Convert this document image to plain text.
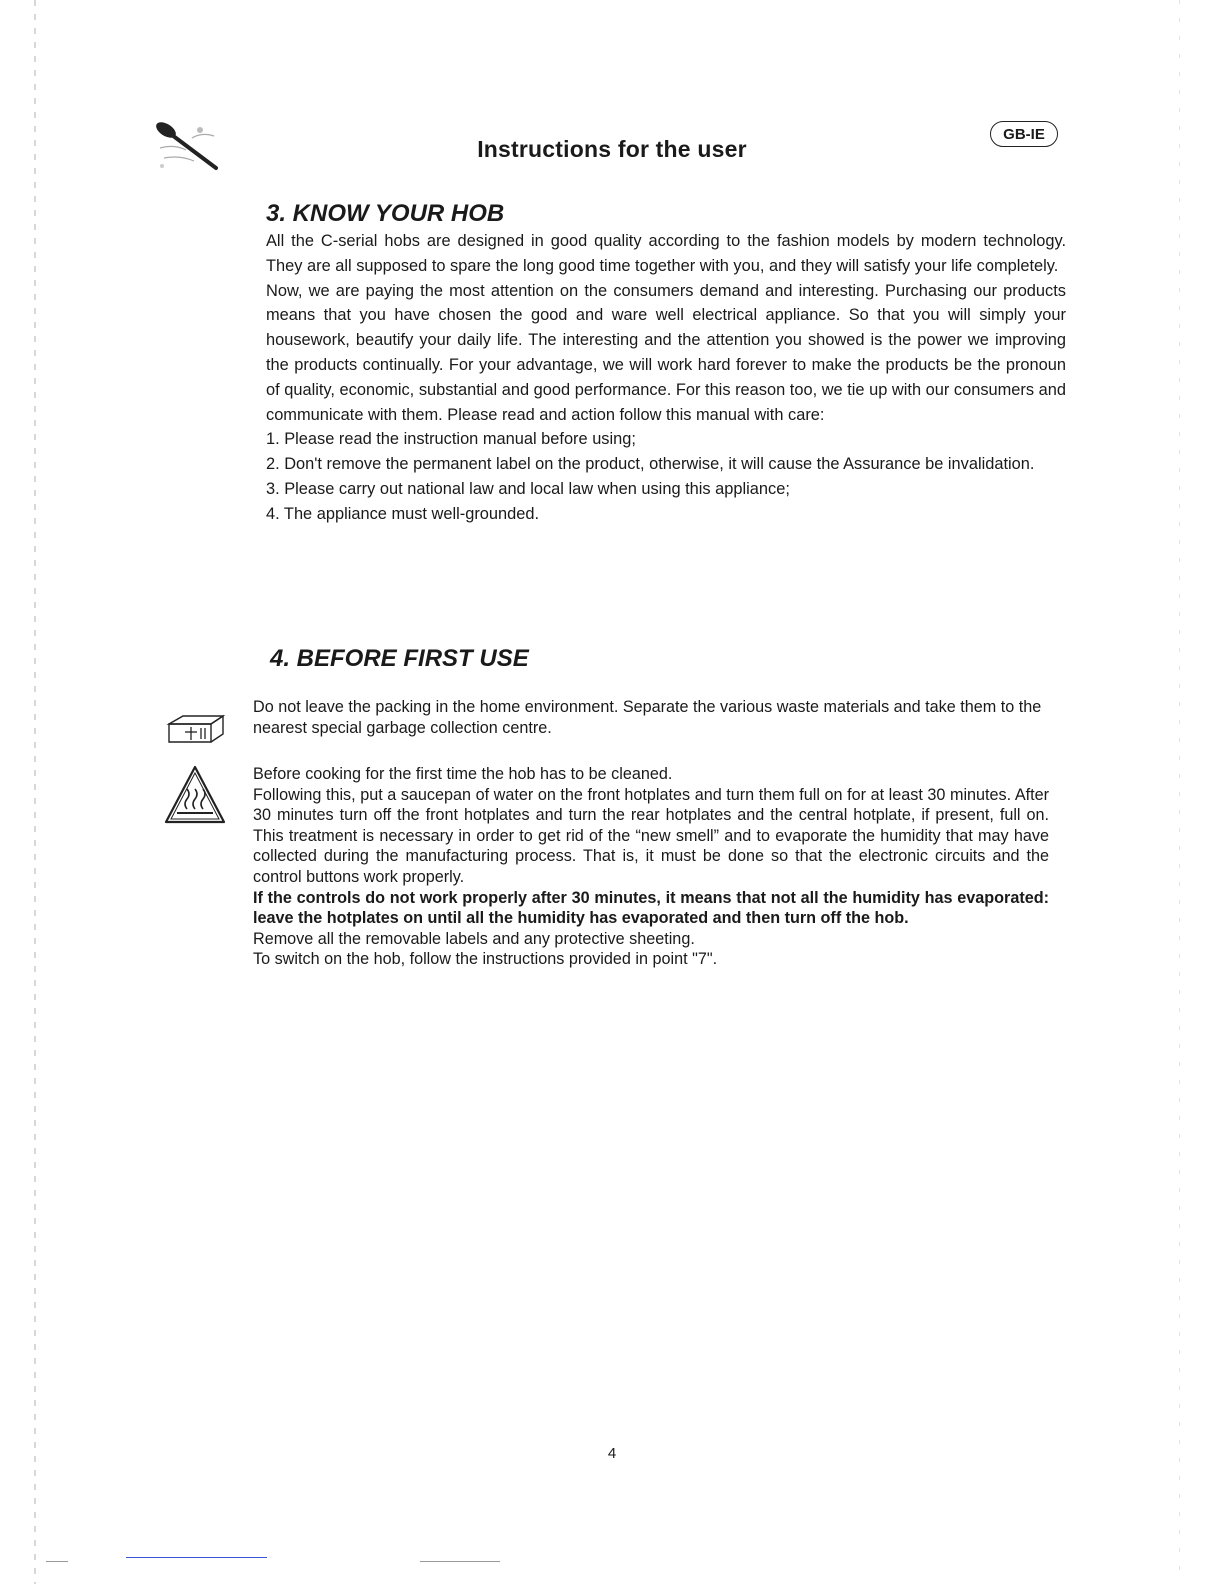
Instructions for the user
GB-IE
3. KNOW YOUR HOB

All the C-serial hobs are designed in good quality according to the fashion models by modern technology. They are all supposed to spare the long good time together with you, and they will satisfy your life completely.

Now, we are paying the most attention on the consumers demand and interesting. Purchasing our products means that you have chosen the good and ware well electrical appliance. So that you will simply your housework, beautify your daily life. The interesting and the attention you showed is the power we improving the products continually. For your advantage, we will work hard forever to make the products be the pronoun of quality, economic, substantial and good performance. For this reason too, we tie up with our consumers and communicate with them. Please read and action follow this manual with care:

1. Please read the instruction manual before using;

2. Don't remove the permanent label on the product, otherwise, it will cause the Assurance be invalidation.

3. Please carry out national law and local law when using this appliance;

4. The appliance must well-grounded.

4. BEFORE FIRST USE

Do not leave the packing in the home environment. Separate the various waste materials and take them to the nearest special garbage collection centre.

Before cooking for the first time the hob has to be cleaned.

Following this, put a saucepan of water on the front hotplates and turn them full on for at least 30 minutes. After 30 minutes turn off the front hotplates and turn the rear hotplates and the central hotplate, if present, full on. This treatment is necessary in order to get rid of the “new smell” and to evaporate the humidity that may have collected during the manufacturing process. That is, it must be done so that the electronic circuits and the control buttons work properly.

If the controls do not work properly after 30 minutes, it means that not all the humidity has evaporated: leave the hotplates on until all the humidity has evaporated and then turn off the hob.

Remove all the removable labels and any protective sheeting.

To switch on the hob, follow the instructions provided in point "7".

4
